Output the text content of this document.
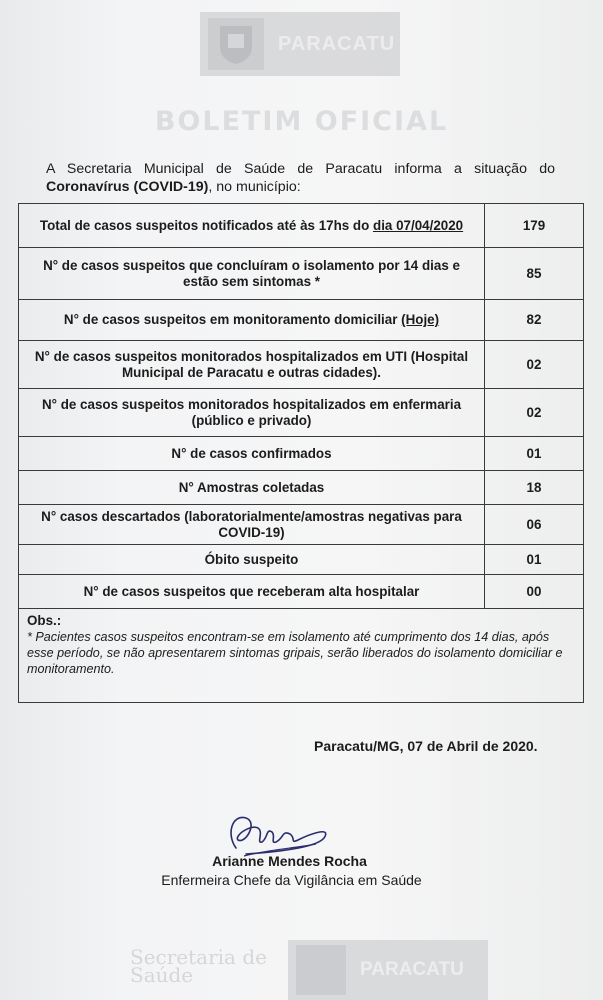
PARACATU
BOLETIM OFICIAL
A Secretaria Municipal de Saúde de Paracatu informa a situação do Coronavírus (COVID-19), no município:
Total de casos suspeitos notificados até às 17hs do dia 07/04/2020	179
N° de casos suspeitos que concluíram o isolamento por 14 dias e estão sem sintomas *	85
N° de casos suspeitos em monitoramento domiciliar (Hoje)	82
N° de casos suspeitos monitorados hospitalizados em UTI (Hospital Municipal de Paracatu e outras cidades).	02
N° de casos suspeitos monitorados hospitalizados em enfermaria (público e privado)	02
N° de casos confirmados	01
N° Amostras coletadas	18
N° casos descartados (laboratorialmente/amostras negativas para COVID-19)	06
Óbito suspeito	01
N° de casos suspeitos que receberam alta hospitalar	00

Obs.:
* Pacientes casos suspeitos encontram-se em isolamento até cumprimento dos 14 dias, após esse período, se não apresentarem sintomas gripais, serão liberados do isolamento domiciliar e monitoramento.	
Paracatu/MG, 07 de Abril de 2020.
Arianne Mendes Rocha
Enfermeira Chefe da Vigilância em Saúde
Secretaria de
Saúde	PARACATU
